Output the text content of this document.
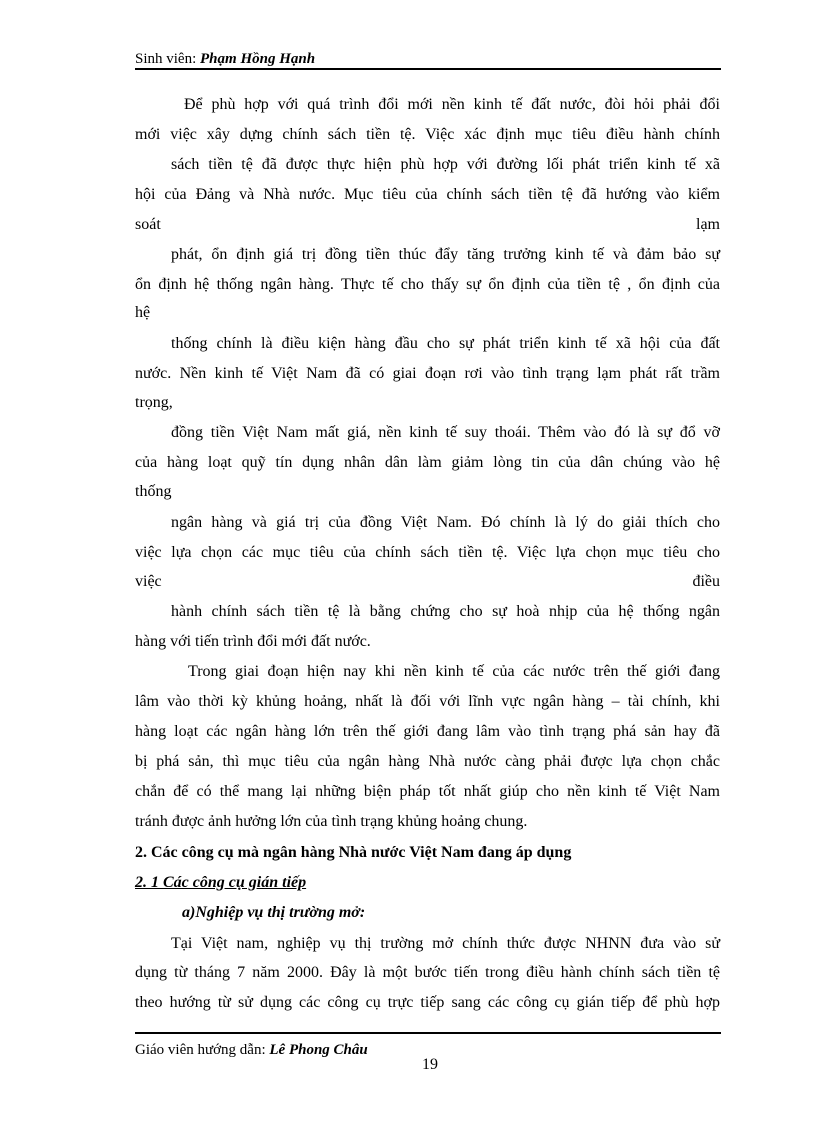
Sinh viên: Phạm Hồng Hạnh
Để phù hợp với quá trình đổi mới nền kinh tế đất nước, đòi hỏi phải đổi
mới việc xây dựng chính sách tiền tệ. Việc xác định mục tiêu điều hành chính
sách tiền tệ đã được thực hiện phù hợp với đường lối phát triển kinh tế xã
hội của Đảng và Nhà nước. Mục tiêu của chính sách tiền tệ đã hướng vào kiểm
soát	lạm
phát, ổn định giá trị đồng tiền thúc đẩy tăng trưởng kinh tế và đảm bảo sự
ổn định hệ thống ngân hàng. Thực tế cho thấy sự ổn định của tiền tệ , ổn định của
hệ
thống chính là điều kiện hàng đầu cho sự phát triển kinh tế xã hội của đất
nước. Nền kinh tế Việt Nam đã có giai đoạn rơi vào tình trạng lạm phát rất trầm
trọng,
đồng tiền Việt Nam mất giá, nền kinh tế suy thoái. Thêm vào đó là sự đổ vỡ
của hàng loạt quỹ tín dụng nhân dân làm giảm lòng tin của dân chúng vào hệ
thống
ngân hàng và giá trị của đồng Việt Nam. Đó chính là lý do giải thích cho
việc lựa chọn các mục tiêu của chính sách tiền tệ. Việc lựa chọn mục tiêu cho
việc	điều
hành chính sách tiền tệ là bằng chứng cho sự hoà nhịp của hệ thống ngân
hàng với tiến trình đổi mới đất nước.
Trong giai đoạn hiện nay khi nền kinh tế của các nước trên thế giới đang
lâm vào thời kỳ khủng hoảng, nhất là đối với lĩnh vực ngân hàng – tài chính, khi
hàng loạt các ngân hàng lớn trên thế giới đang lâm vào tình trạng phá sản hay đã
bị phá sản, thì mục tiêu của ngân hàng Nhà nước càng phải được lựa chọn chắc
chắn để có thể mang lại những biện pháp tốt nhất giúp cho nền kinh tế Việt Nam
tránh được ảnh hưởng lớn của tình trạng khủng hoảng chung.
2. Các công cụ mà ngân hàng Nhà nước Việt Nam đang áp dụng
2. 1 Các công cụ gián tiếp
a)Nghiệp vụ thị trường mở:
Tại Việt nam, nghiệp vụ thị trường mở chính thức được NHNN đưa vào sử
dụng từ tháng 7 năm 2000. Đây là một bước tiến trong điều hành chính sách tiền tệ
theo hướng từ sử dụng các công cụ trực tiếp sang các công cụ gián tiếp để phù hợp
Giáo viên hướng dẫn: Lê Phong Châu
19
